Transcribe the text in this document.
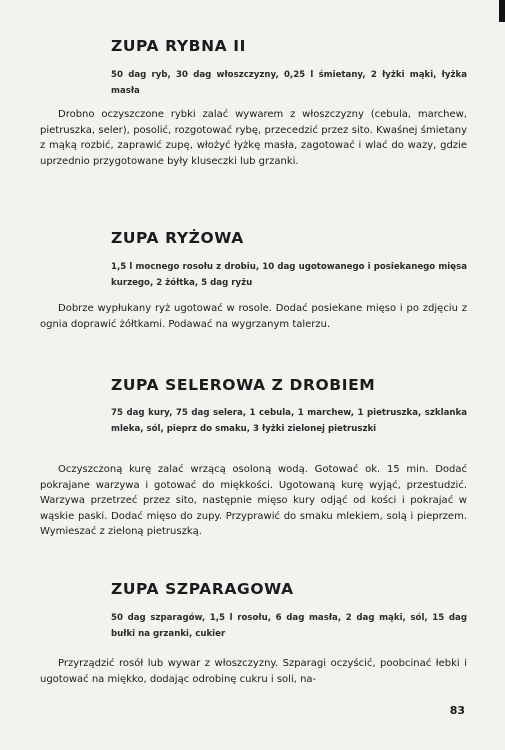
ZUPA RYBNA II

50 dag ryb, 30 dag włoszczyzny, 0,25 l śmietany, 2 łyżki mąki, łyżka masła

Drobno oczyszczone rybki zalać wywarem z włoszczyzny (cebula, marchew, pietruszka, seler), posolić, rozgotować rybę, przecedzić przez sito. Kwaśnej śmietany z mąką rozbić, zaprawić zupę, włożyć łyżkę masła, zagotować i wlać do wazy, gdzie uprzednio przygotowane były kluseczki lub grzanki.

ZUPA RYŻOWA

1,5 l mocnego rosołu z drobiu, 10 dag ugotowanego i posiekanego mięsa kurzego, 2 żółtka, 5 dag ryżu

Dobrze wypłukany ryż ugotować w rosole. Dodać posiekane mięso i po zdjęciu z ognia doprawić żółtkami. Podawać na wygrzanym talerzu.

ZUPA SELEROWA Z DROBIEM

75 dag kury, 75 dag selera, 1 cebula, 1 marchew, 1 pietruszka, szklanka mleka, sól, pieprz do smaku, 3 łyżki zielonej pietruszki

Oczyszczoną kurę zalać wrzącą osoloną wodą. Gotować ok. 15 min. Dodać pokrajane warzywa i gotować do miękkości. Ugotowaną kurę wyjąć, przestudzić. Warzywa przetrzeć przez sito, następnie mięso kury odjąć od kości i pokrajać w wąskie paski. Dodać mięso do zupy. Przyprawić do smaku mlekiem, solą i pieprzem. Wymieszać z zieloną pietruszką.

ZUPA SZPARAGOWA

50 dag szparagów, 1,5 l rosołu, 6 dag masła, 2 dag mąki, sól, 15 dag bułki na grzanki, cukier

Przyrządzić rosół lub wywar z włoszczyzny. Szparagi oczyścić, poobcinać łebki i ugotować na miękko, dodając odrobinę cukru i soli, na-

83
